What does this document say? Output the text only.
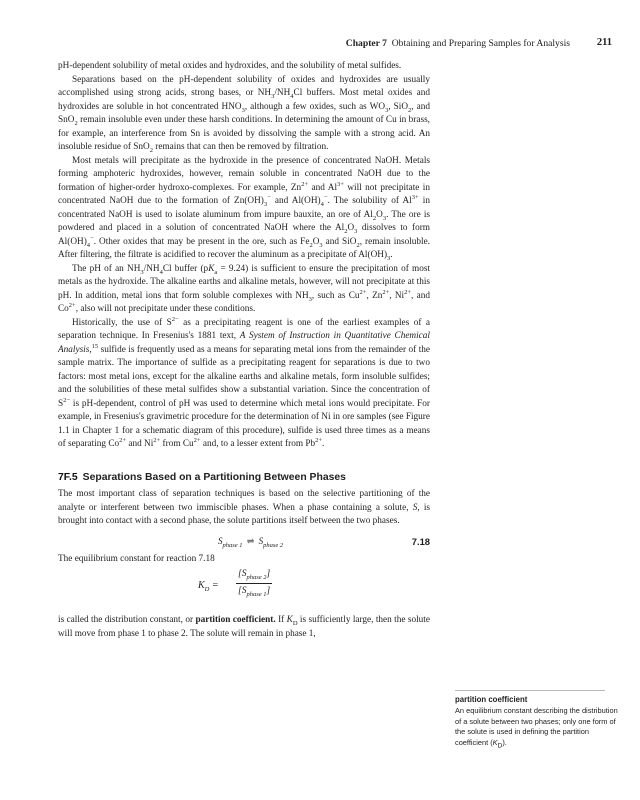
Chapter 7 Obtaining and Preparing Samples for Analysis	211

pH-dependent solubility of metal oxides and hydroxides, and the solubility of metal sulfides.

Separations based on the pH-dependent solubility of oxides and hydroxides are usually accomplished using strong acids, strong bases, or $NH_3/NH_4Cl$ buffers. Most metal oxides and hydroxides are soluble in hot concentrated $HNO_3$, although a few oxides, such as $WO_3$, SiO$_2$, and SnO$_2$ remain insoluble even under these harsh conditions. In determining the amount of Cu in brass, for example, an interference from Sn is avoided by dissolving the sample with a strong acid. An insoluble residue of SnO$_2$ remains that can then be removed by filtration.

Most metals will precipitate as the hydroxide in the presence of concentrated NaOH. Metals forming amphoteric hydroxides, however, remain soluble in concentrated NaOH due to the formation of higher-order hydroxo-complexes. For example, $Zn^{2+}$ and $Al^{3+}$ will not precipitate in concentrated NaOH due to the formation of $Zn(OH)_3^-$ and $Al(OH)_4^-$. The solubility of $Al^{3+}$ in concentrated NaOH is used to isolate aluminum from impure bauxite, an ore of $Al_2O_3$. The ore is powdered and placed in a solution of concentrated NaOH where the $Al_2O_3$ dissolves to form $Al(OH)_4^-$. Other oxides that may be present in the ore, such as $Fe_2O_3$ and SiO$_2$, remain insoluble. After filtering, the filtrate is acidified to recover the aluminum as a precipitate of $Al(OH)_3$.

The pH of an $NH_3/NH_4Cl$ buffer $(pK_a = 9.24)$ is sufficient to ensure the precipitation of most metals as the hydroxide. The alkaline earths and alkaline metals, however, will not precipitate at this pH. In addition, metal ions that form soluble complexes with $NH_3$, such as $Cu^{2+}$, $Zn^{2+}$, $Ni^{2+}$, and $Co^{2+}$, also will not precipitate under these conditions.

Historically, the use of $S^{2-}$ as a precipitating reagent is one of the earliest examples of a separation technique. In Fresenius's 1881 text, A System of Instruction in Quantitative Chemical Analysis,$^{15}$ sulfide is frequently used as a means for separating metal ions from the remainder of the sample matrix. The importance of sulfide as a precipitating reagent for separations is due to two factors: most metal ions, except for the alkaline earths and alkaline metals, form insoluble sulfides; and the solubilities of these metal sulfides show a substantial variation. Since the concentration of $S^{2-}$ is pH-dependent, control of pH was used to determine which metal ions would precipitate. For example, in Fresenius's gravimetric procedure for the determination of Ni in ore samples (see Figure 1.1 in Chapter 1 for a schematic diagram of this procedure), sulfide is used three times as a means of separating $Co^{2+}$ and $Ni^{2+}$ from $Cu^{2+}$ and, to a lesser extent from $Pb^{2+}$.

7F.5 Separations Based on a Partitioning Between Phases

The most important class of separation techniques is based on the selective partitioning of the analyte or interferent between two immiscible phases. When a phase containing a solute, S, is brought into contact with a second phase, the solute partitions itself between the two phases.

$S_{phase 1}$ ⇌ $S_{phase 2}$	7.18

The equilibrium constant for reaction 7.18

$K_D$ =
$[S_{phase 2}]$
$[S_{phase 1}]$

is called the distribution constant, or partition coefficient. If $K_D$ is sufficiently large, then the solute will move from phase 1 to phase 2. The solute will remain in phase 1,

partition coefficient
An equilibrium constant describing the distribution of a solute between two phases; only one form of the solute is used in defining the partition coefficient $(K_D)$.
